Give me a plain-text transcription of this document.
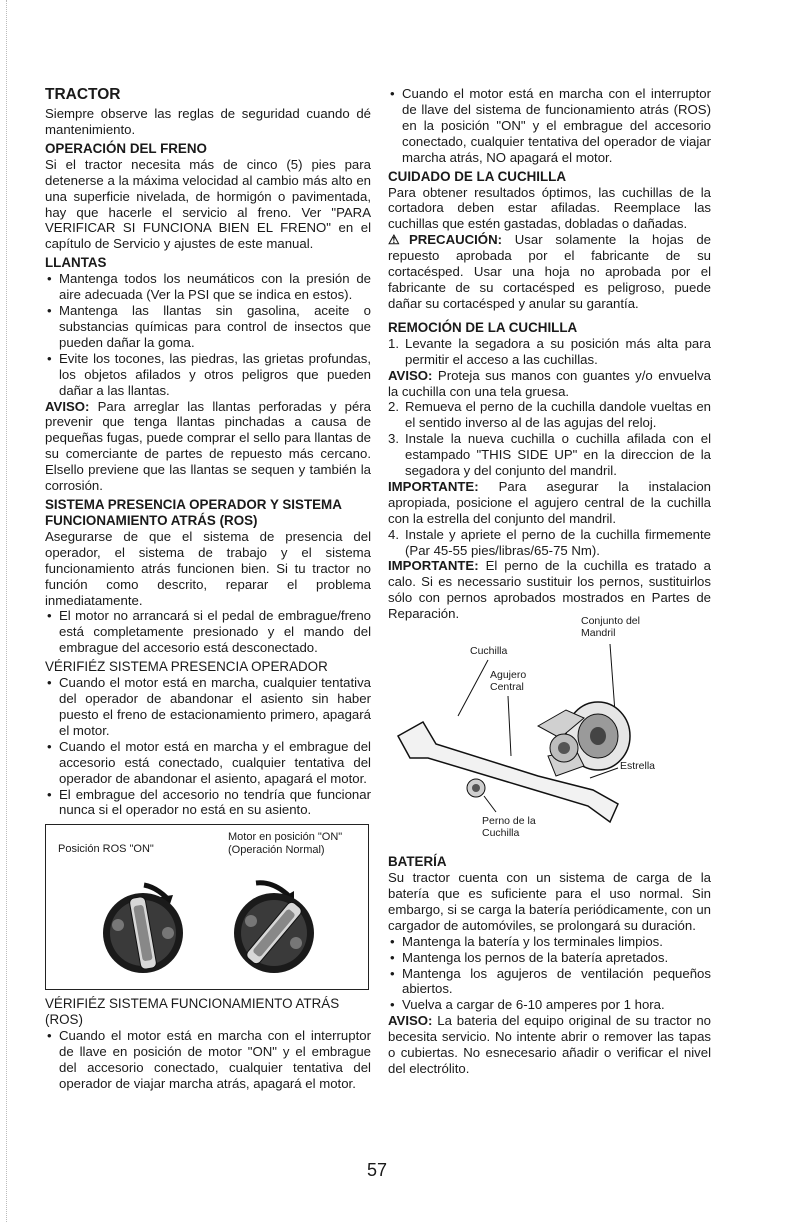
TRACTOR

Siempre observe las reglas de seguridad cuando dé mantenimiento.

OPERACIÓN DEL FRENO

Si el tractor necesita más de cinco (5) pies para detenerse a la máxima velocidad al cambio más alto en una superficie nivelada, de hormigón o pavimentada, hay que hacerle el servicio al freno. Ver "PARA VERIFICAR SI FUNCIONA BIEN EL FRENO" en el capítulo de Servicio y ajustes de este manual.

LLANTAS
• Mantenga todos los neumáticos con la presión de aire adecuada (Ver la PSI que se indica en estos).
• Mantenga las llantas sin gasolina, aceite o substancias químicas para control de insectos que pueden dañar la goma.
• Evite los tocones, las piedras, las grietas profundas, los objetos afilados y otros peligros que pueden dañar a las llantas.

AVISO: Para arreglar las llantas perforadas y péra prevenir que tenga llantas pinchadas a causa de pequeñas fugas, puede comprar el sello para llantas de su comerciante de partes de repuesto más cercano. Elsello previene que las llantas se sequen y también la corrosión.

SISTEMA PRESENCIA OPERADOR Y SISTEMA FUNCIONAMIENTO ATRÁS (ROS)

Asegurarse de que el sistema de presencia del operador, el sistema de trabajo y el sistema funcionamiento atrás funcionen bien. Si tu tractor no función como descrito, reparar el problema inmediatamente.

• El motor no arrancará si el pedal de embrague/freno está completamente presionado y el mando del embrague del accesorio está desconectado.
VÉRIFIÉZ SISTEMA PRESENCIA OPERADOR
• Cuando el motor está en marcha, cualquier tentativa del operador de abandonar el asiento sin haber puesto el freno de estacionamiento primero, apagará el motor.
• Cuando el motor está en marcha y el embrague del accesorio está conectado, cualquier tentativa del operador de abandonar el asiento, apagará el motor.
• El embrague del accesorio no tendría que funcionar nunca si el operador no está en su asiento.
Posición ROS "ON"
Motor en posición "ON" (Operación Normal)
VÉRIFIÉZ SISTEMA FUNCIONAMIENTO ATRÁS (ROS)
• Cuando el motor está en marcha con el interruptor de llave en posición de motor "ON" y el embrague del accesorio conectado, cualquier tentativa del operador de viajar marcha atrás, apagará el motor.
• Cuando el motor está en marcha con el interruptor de llave del sistema de funcionamiento atrás (ROS) en la posición "ON" y el embrague del accesorio conectado, cualquier tentativa del operador de viajar marcha atrás, NO apagará el motor.
CUIDADO DE LA CUCHILLA

Para obtener resultados óptimos, las cuchillas de la cortadora deben estar afiladas. Reemplace las cuchillas que estén gastadas, dobladas o dañadas.

⚠PRECAUCIÓN: Usar solamente la hojas de repuesto aprobada por el fabricante de su cortacésped. Usar una hoja no aprobada por el fabricante de su cortacésped es peligroso, puede dañar su cortacésped y anular su garantía.

REMOCIÓN DE LA CUCHILLA
1. Levante la segadora a su posición más alta para permitir el acceso a las cuchillas.

AVISO: Proteja sus manos con guantes y/o envuelva la cuchilla con una tela gruesa.

2. Remueva el perno de la cuchilla dandole vueltas en el sentido inverso al de las agujas del reloj.
3. Instale la nueva cuchilla o cuchilla afilada con el estampado "THIS SIDE UP" en la direccion de la segadora y del conjunto del mandril.

IMPORTANTE: Para asegurar la instalacion apropiada, posicione el agujero central de la cuchilla con la estrella del conjunto del mandril.

4. Instale y apriete el perno de la cuchilla firmemente (Par 45-55 pies/libras/65-75 Nm).

IMPORTANTE: El perno de la cuchilla es tratado a calo. Si es necessario sustituir los pernos, sustituirlos sólo con pernos aprobados mostrados en Partes de Reparación.	Conjunto del Mandril
Cuchilla
Agujero Central
Estrella
Perno de la Cuchilla
BATERÍA

Su tractor cuenta con un sistema de carga de la batería que es suficiente para el uso normal. Sin embargo, si se carga la batería periódicamente, con un cargador de automóviles, se prolongará su duración.

• Mantenga la batería y los terminales limpios.
• Mantenga los pernos de la batería apretados.
• Mantenga los agujeros de ventilación pequeños abiertos.
• Vuelva a cargar de 6-10 amperes por 1 hora.

AVISO: La bateria del equipo original de su tractor no becesita servicio. No intente abrir o remover las tapas o cubiertas. No esnecesario añadir o verificar el nivel del electrólito.

57
